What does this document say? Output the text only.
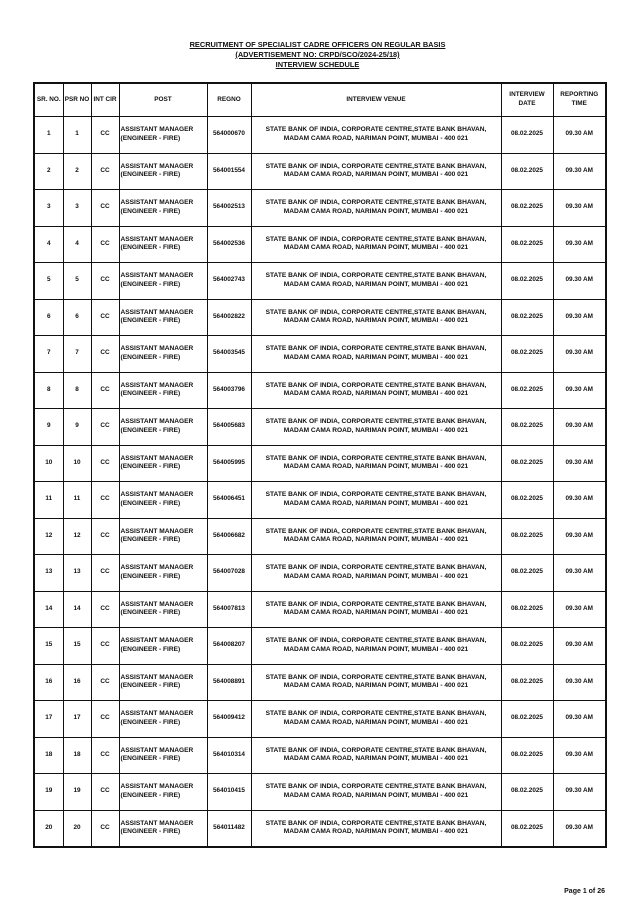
RECRUITMENT OF SPECIALIST CADRE OFFICERS ON REGULAR BASIS
(ADVERTISEMENT NO: CRPD/SCO/2024-25/18)
INTERVIEW SCHEDULE
SR. NO.	PSR NO	INT CIR	POST	REGNO	INTERVIEW VENUE	INTERVIEW DATE	REPORTING TIME
1	1	CC	ASSISTANT MANAGER
(ENGINEER - FIRE)	564000670	STATE BANK OF INDIA, CORPORATE CENTRE,STATE BANK BHAVAN,
MADAM CAMA ROAD, NARIMAN POINT, MUMBAI - 400 021	08.02.2025	09.30 AM
2	2	CC	ASSISTANT MANAGER
(ENGINEER - FIRE)	564001554	STATE BANK OF INDIA, CORPORATE CENTRE,STATE BANK BHAVAN,
MADAM CAMA ROAD, NARIMAN POINT, MUMBAI - 400 021	08.02.2025	09.30 AM
3	3	CC	ASSISTANT MANAGER
(ENGINEER - FIRE)	564002513	STATE BANK OF INDIA, CORPORATE CENTRE,STATE BANK BHAVAN,
MADAM CAMA ROAD, NARIMAN POINT, MUMBAI - 400 021	08.02.2025	09.30 AM
4	4	CC	ASSISTANT MANAGER
(ENGINEER - FIRE)	564002536	STATE BANK OF INDIA, CORPORATE CENTRE,STATE BANK BHAVAN,
MADAM CAMA ROAD, NARIMAN POINT, MUMBAI - 400 021	08.02.2025	09.30 AM
5	5	CC	ASSISTANT MANAGER
(ENGINEER - FIRE)	564002743	STATE BANK OF INDIA, CORPORATE CENTRE,STATE BANK BHAVAN,
MADAM CAMA ROAD, NARIMAN POINT, MUMBAI - 400 021	08.02.2025	09.30 AM
6	6	CC	ASSISTANT MANAGER
(ENGINEER - FIRE)	564002822	STATE BANK OF INDIA, CORPORATE CENTRE,STATE BANK BHAVAN,
MADAM CAMA ROAD, NARIMAN POINT, MUMBAI - 400 021	08.02.2025	09.30 AM
7	7	CC	ASSISTANT MANAGER
(ENGINEER - FIRE)	564003545	STATE BANK OF INDIA, CORPORATE CENTRE,STATE BANK BHAVAN,
MADAM CAMA ROAD, NARIMAN POINT, MUMBAI - 400 021	08.02.2025	09.30 AM
8	8	CC	ASSISTANT MANAGER
(ENGINEER - FIRE)	564003796	STATE BANK OF INDIA, CORPORATE CENTRE,STATE BANK BHAVAN,
MADAM CAMA ROAD, NARIMAN POINT, MUMBAI - 400 021	08.02.2025	09.30 AM
9	9	CC	ASSISTANT MANAGER
(ENGINEER - FIRE)	564005683	STATE BANK OF INDIA, CORPORATE CENTRE,STATE BANK BHAVAN,
MADAM CAMA ROAD, NARIMAN POINT, MUMBAI - 400 021	08.02.2025	09.30 AM
10	10	CC	ASSISTANT MANAGER
(ENGINEER - FIRE)	564005995	STATE BANK OF INDIA, CORPORATE CENTRE,STATE BANK BHAVAN,
MADAM CAMA ROAD, NARIMAN POINT, MUMBAI - 400 021	08.02.2025	09.30 AM
11	11	CC	ASSISTANT MANAGER
(ENGINEER - FIRE)	564006451	STATE BANK OF INDIA, CORPORATE CENTRE,STATE BANK BHAVAN,
MADAM CAMA ROAD, NARIMAN POINT, MUMBAI - 400 021	08.02.2025	09.30 AM
12	12	CC	ASSISTANT MANAGER
(ENGINEER - FIRE)	564006682	STATE BANK OF INDIA, CORPORATE CENTRE,STATE BANK BHAVAN,
MADAM CAMA ROAD, NARIMAN POINT, MUMBAI - 400 021	08.02.2025	09.30 AM
13	13	CC	ASSISTANT MANAGER
(ENGINEER - FIRE)	564007028	STATE BANK OF INDIA, CORPORATE CENTRE,STATE BANK BHAVAN,
MADAM CAMA ROAD, NARIMAN POINT, MUMBAI - 400 021	08.02.2025	09.30 AM
14	14	CC	ASSISTANT MANAGER
(ENGINEER - FIRE)	564007813	STATE BANK OF INDIA, CORPORATE CENTRE,STATE BANK BHAVAN,
MADAM CAMA ROAD, NARIMAN POINT, MUMBAI - 400 021	08.02.2025	09.30 AM
15	15	CC	ASSISTANT MANAGER
(ENGINEER - FIRE)	564008207	STATE BANK OF INDIA, CORPORATE CENTRE,STATE BANK BHAVAN,
MADAM CAMA ROAD, NARIMAN POINT, MUMBAI - 400 021	08.02.2025	09.30 AM
16	16	CC	ASSISTANT MANAGER
(ENGINEER - FIRE)	564008891	STATE BANK OF INDIA, CORPORATE CENTRE,STATE BANK BHAVAN,
MADAM CAMA ROAD, NARIMAN POINT, MUMBAI - 400 021	08.02.2025	09.30 AM
17	17	CC	ASSISTANT MANAGER
(ENGINEER - FIRE)	564009412	STATE BANK OF INDIA, CORPORATE CENTRE,STATE BANK BHAVAN,
MADAM CAMA ROAD, NARIMAN POINT, MUMBAI - 400 021	08.02.2025	09.30 AM
18	18	CC	ASSISTANT MANAGER
(ENGINEER - FIRE)	564010314	STATE BANK OF INDIA, CORPORATE CENTRE,STATE BANK BHAVAN,
MADAM CAMA ROAD, NARIMAN POINT, MUMBAI - 400 021	08.02.2025	09.30 AM
19	19	CC	ASSISTANT MANAGER
(ENGINEER - FIRE)	564010415	STATE BANK OF INDIA, CORPORATE CENTRE,STATE BANK BHAVAN,
MADAM CAMA ROAD, NARIMAN POINT, MUMBAI - 400 021	08.02.2025	09.30 AM
20	20	CC	ASSISTANT MANAGER
(ENGINEER - FIRE)	564011482	STATE BANK OF INDIA, CORPORATE CENTRE,STATE BANK BHAVAN,
MADAM CAMA ROAD, NARIMAN POINT, MUMBAI - 400 021	08.02.2025	09.30 AM
Page 1 of 26
